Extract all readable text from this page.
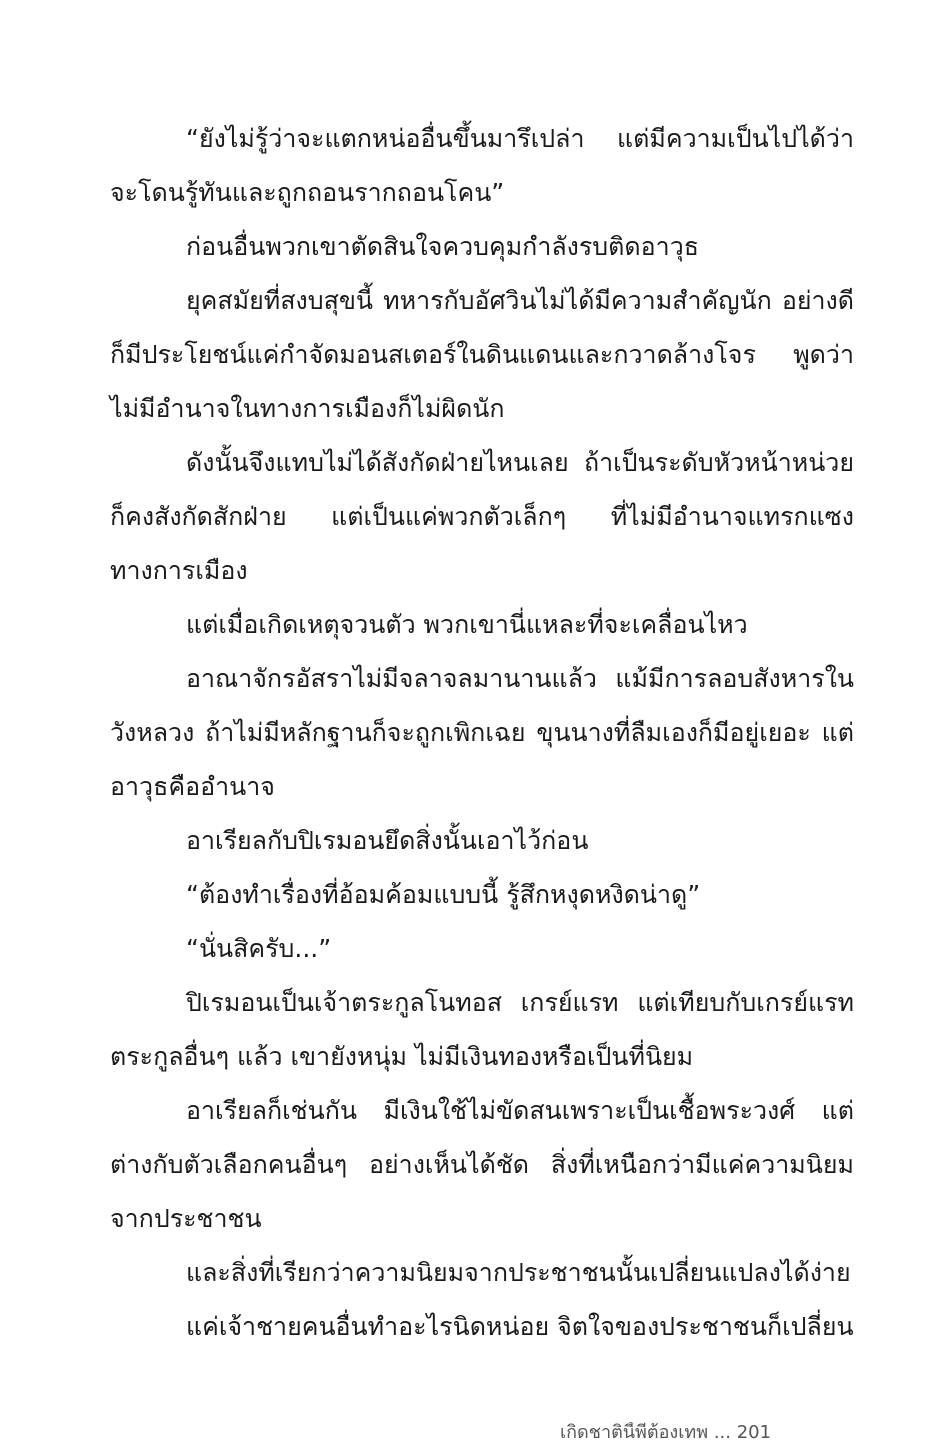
“ยังไม่รู้ว่าจะแตกหน่ออื่นขึ้นมารึเปล่า แต่มีความเป็นไปได้ว่าจะโดนรู้ทันและถูกถอนรากถอนโคน”

ก่อนอื่นพวกเขาตัดสินใจควบคุมกำลังรบติดอาวุธ

ยุคสมัยที่สงบสุขนี้ ทหารกับอัศวินไม่ได้มีความสำคัญนัก อย่างดีก็มีประโยชน์แค่กำจัดมอนสเตอร์ในดินแดนและกวาดล้างโจร พูดว่าไม่มีอำนาจในทางการเมืองก็ไม่ผิดนัก

ดังนั้นจึงแทบไม่ได้สังกัดฝ่ายไหนเลย ถ้าเป็นระดับหัวหน้าหน่วยก็คงสังกัดสักฝ่าย แต่เป็นแค่พวกตัวเล็กๆ ที่ไม่มีอำนาจแทรกแซงทางการเมือง

แต่เมื่อเกิดเหตุจวนตัว พวกเขานี่แหละที่จะเคลื่อนไหว

อาณาจักรอัสราไม่มีจลาจลมานานแล้ว แม้มีการลอบสังหารในวังหลวง ถ้าไม่มีหลักฐานก็จะถูกเพิกเฉย ขุนนางที่ลืมเองก็มีอยู่เยอะ แต่อาวุธคืออำนาจ

อาเรียลกับปิเรมอนยึดสิ่งนั้นเอาไว้ก่อน

“ต้องทำเรื่องที่อ้อมค้อมแบบนี้ รู้สึกหงุดหงิดน่าดู”

“นั่นสิครับ...”

ปิเรมอนเป็นเจ้าตระกูลโนทอส เกรย์แรท แต่เทียบกับเกรย์แรทตระกูลอื่นๆ แล้ว เขายังหนุ่ม ไม่มีเงินทองหรือเป็นที่นิยม

อาเรียลก็เช่นกัน มีเงินใช้ไม่ขัดสนเพราะเป็นเชื้อพระวงศ์ แต่ต่างกับตัวเลือกคนอื่นๆ อย่างเห็นได้ชัด สิ่งที่เหนือกว่ามีแค่ความนิยมจากประชาชน

และสิ่งที่เรียกว่าความนิยมจากประชาชนนั้นเปลี่ยนแปลงได้ง่าย

แค่เจ้าชายคนอื่นทำอะไรนิดหน่อย จิตใจของประชาชนก็เปลี่ยน

เกิดชาตินี้พี่ต้องเทพ ... 201
